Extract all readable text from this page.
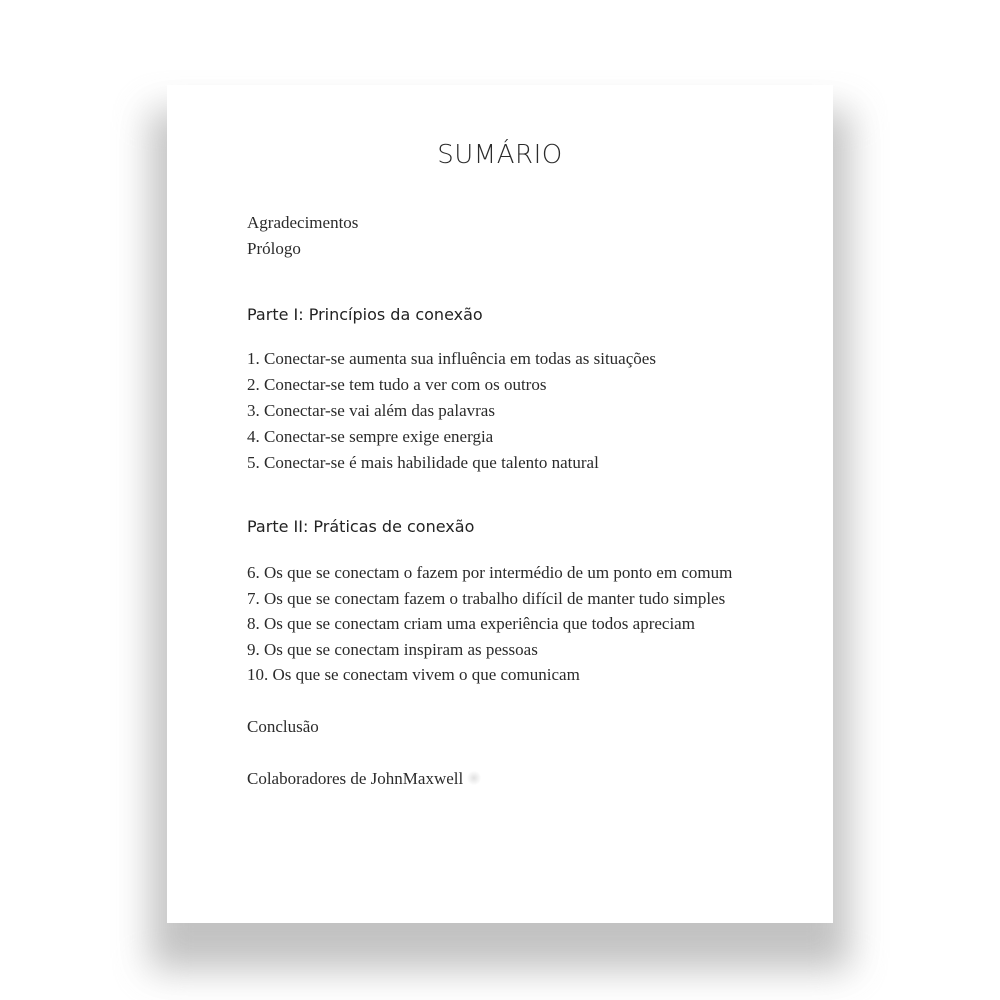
SUMÁRIO
Agradecimentos
Prólogo
Parte I: Princípios da conexão
1. Conectar-se aumenta sua influência em todas as situações
2. Conectar-se tem tudo a ver com os outros
3. Conectar-se vai além das palavras
4. Conectar-se sempre exige energia
5. Conectar-se é mais habilidade que talento natural
Parte II: Práticas de conexão
6. Os que se conectam o fazem por intermédio de um ponto em comum
7. Os que se conectam fazem o trabalho difícil de manter tudo simples
8. Os que se conectam criam uma experiência que todos apreciam
9. Os que se conectam inspiram as pessoas
10. Os que se conectam vivem o que comunicam
Conclusão
Colaboradores de JohnMaxwell
